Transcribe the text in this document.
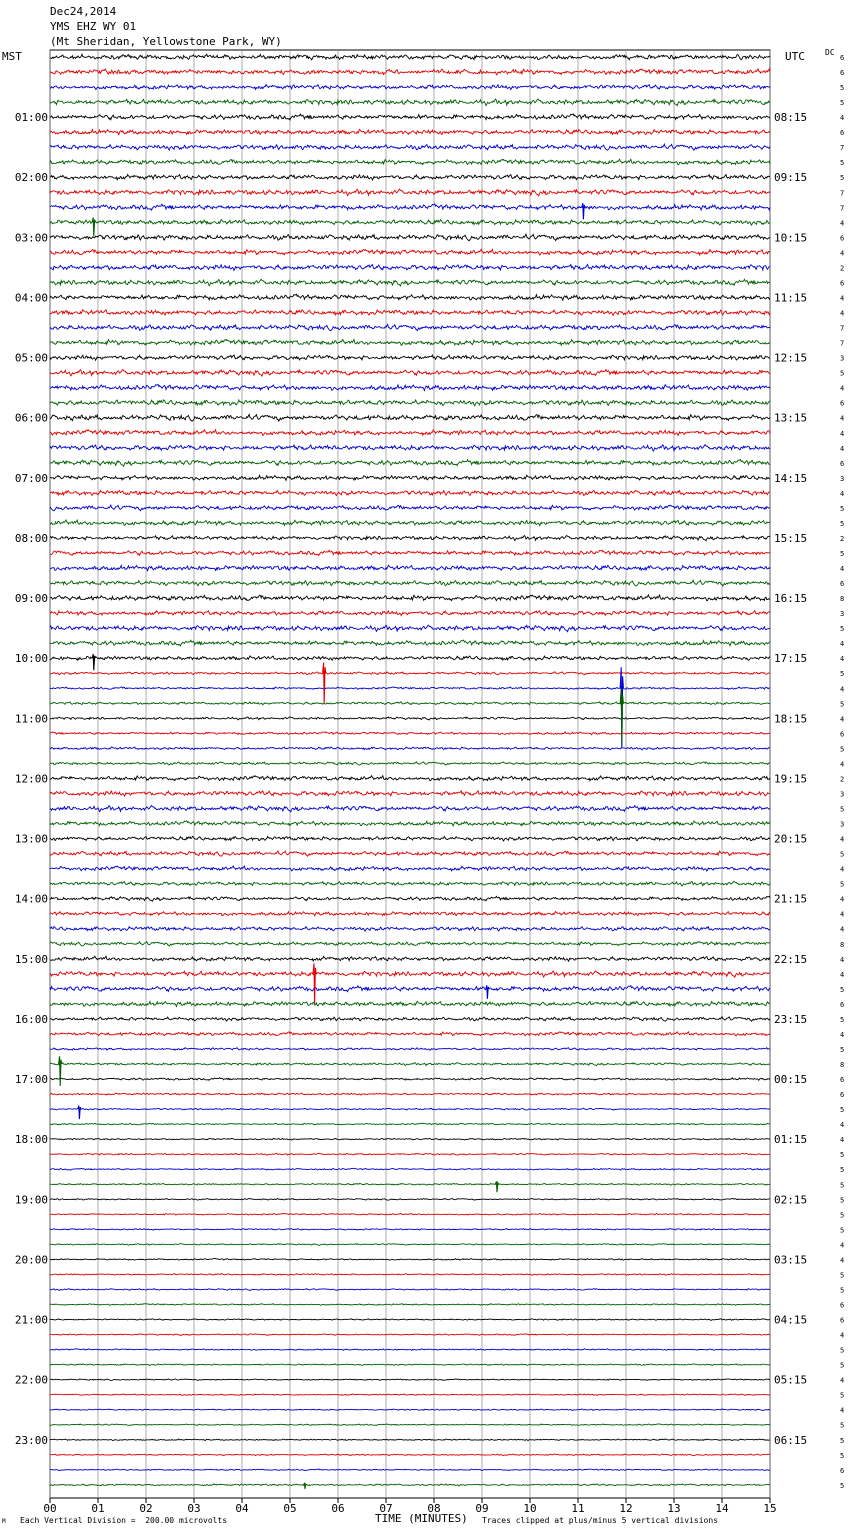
Dec24,2014
YMS EHZ WY 01
(Mt Sheridan, Yellowstone Park, WY)
MST	UTC	DC
00	01	02	03	04	05	06	07	08	09	10	11	12	13	14	15
01:00
02:00
03:00
04:00
05:00
06:00
07:00
08:00
09:00
10:00
11:00
12:00
13:00
14:00
15:00
16:00
17:00
18:00
19:00
20:00
21:00
22:00
23:00
08:15
09:15
10:15
11:15
12:15
13:15
14:15
15:15
16:15
17:15
18:15
19:15
20:15
21:15
22:15
23:15
00:15
01:15
02:15
03:15
04:15
05:15
06:15
6
6
5
5
4
6
7
5
5
7
7
4
6
4
2
6
4
4
7
7
3
5
4
6
4
4
4
6
3
4
5
5
2
5
4
6
8
3
5
4
4
5
4
5
4
6
5
4
2
3
5
3
4
5
4
5
4
4
4
8
4
4
5
6
5
4
5
8
6
6
5
4
4
5
5
5
5
5
5
4
4
5
5
6
6
4
5
5
4
5
4
5
5
5
6
5
TIME (MINUTES)
M Each Vertical Division =  200.00 microvolts	Traces clipped at plus/minus 5 vertical divisions
